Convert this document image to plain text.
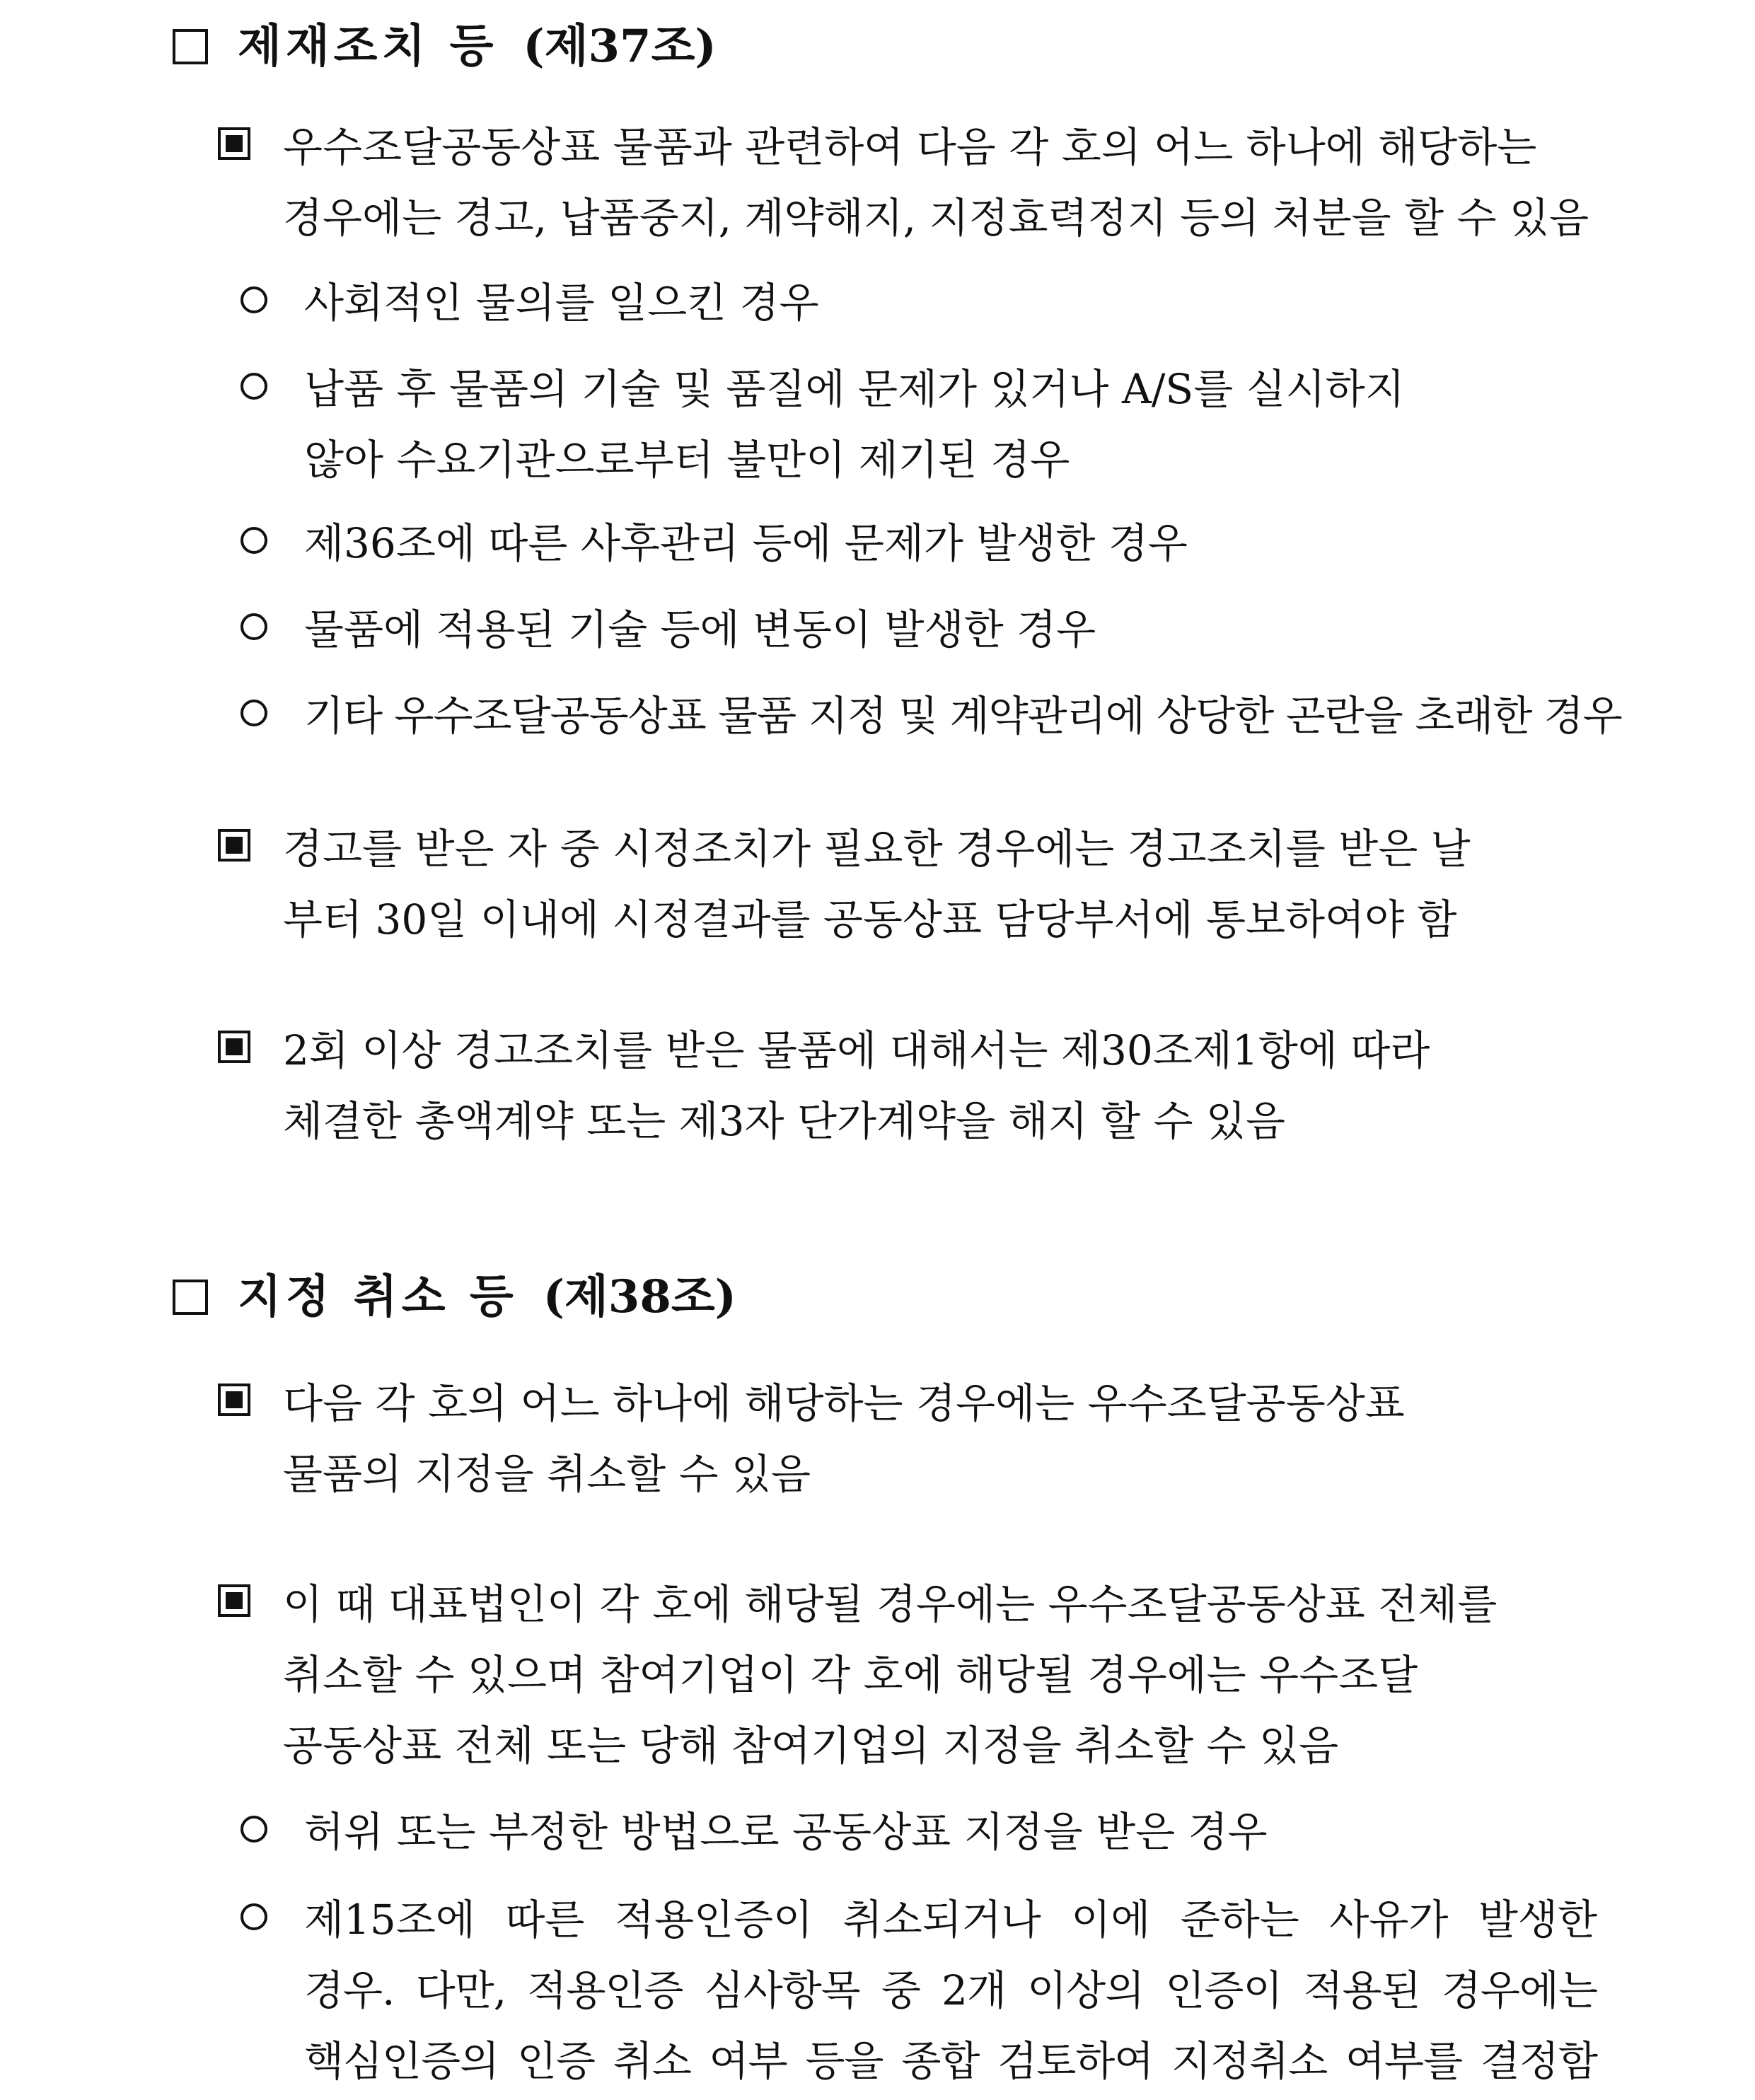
제재조치 등 (제37조)
우수조달공동상표 물품과 관련하여 다음 각 호의 어느 하나에 해당하는
경우에는 경고, 납품중지, 계약해지, 지정효력정지 등의 처분을 할 수 있음
사회적인 물의를 일으킨 경우
납품 후 물품의 기술 및 품질에 문제가 있거나 A/S를 실시하지
않아 수요기관으로부터 불만이 제기된 경우
제36조에 따른 사후관리 등에 문제가 발생한 경우
물품에 적용된 기술 등에 변동이 발생한 경우
기타 우수조달공동상표 물품 지정 및 계약관리에 상당한 곤란을 초래한 경우
경고를 받은 자 중 시정조치가 필요한 경우에는 경고조치를 받은 날
부터 30일 이내에 시정결과를 공동상표 담당부서에 통보하여야 함
2회 이상 경고조치를 받은 물품에 대해서는 제30조제1항에 따라
체결한 총액계약 또는 제3자 단가계약을 해지 할 수 있음
지정 취소 등 (제38조)
다음 각 호의 어느 하나에 해당하는 경우에는 우수조달공동상표
물품의 지정을 취소할 수 있음
이 때 대표법인이 각 호에 해당될 경우에는 우수조달공동상표 전체를
취소할 수 있으며 참여기업이 각 호에 해당될 경우에는 우수조달
공동상표 전체 또는 당해 참여기업의 지정을 취소할 수 있음
허위 또는 부정한 방법으로 공동상표 지정을 받은 경우
제15조에 따른 적용인증이 취소되거나 이에 준하는 사유가 발생한
경우. 다만, 적용인증 심사항목 중 2개 이상의 인증이 적용된 경우에는
핵심인증의 인증 취소 여부 등을 종합 검토하여 지정취소 여부를 결정함
